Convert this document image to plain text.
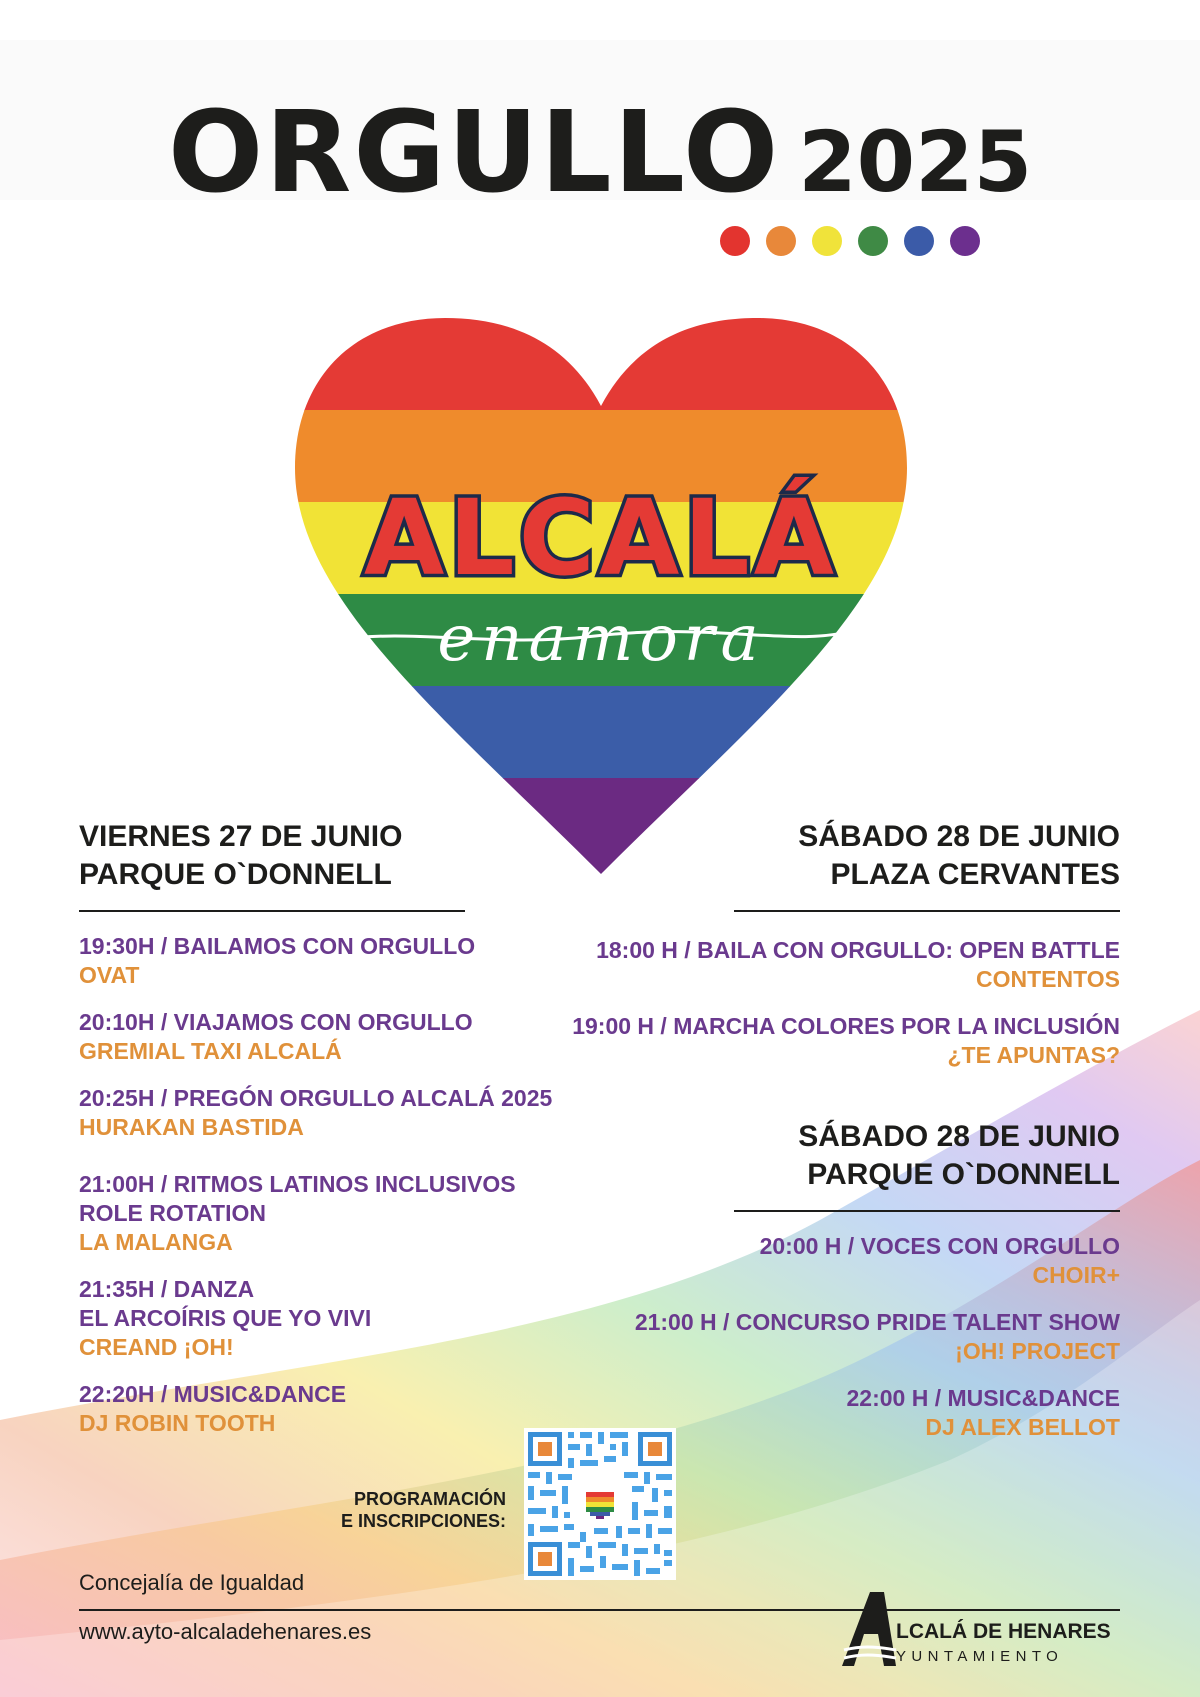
ORGULLO 2025
ALCALÁ
enamora
VIERNES 27 DE JUNIO
PARQUE O`DONNELL
19:30H / BAILAMOS CON ORGULLO
OVAT
20:10H / VIAJAMOS CON ORGULLO
GREMIAL TAXI ALCALÁ
20:25H / PREGÓN ORGULLO ALCALÁ 2025
HURAKAN BASTIDA
21:00H / RITMOS LATINOS INCLUSIVOS
ROLE ROTATION
LA MALANGA
21:35H / DANZA
EL ARCOÍRIS QUE YO VIVI
CREAND ¡OH!
22:20H / MUSIC&DANCE
DJ ROBIN TOOTH
SÁBADO 28 DE JUNIO
PLAZA CERVANTES
18:00 H / BAILA CON ORGULLO: OPEN BATTLE
CONTENTOS
19:00 H / MARCHA COLORES POR LA INCLUSIÓN
¿TE APUNTAS?
SÁBADO 28 DE JUNIO
PARQUE O`DONNELL
20:00 H / VOCES CON ORGULLO
CHOIR+
21:00 H / CONCURSO PRIDE TALENT SHOW
¡OH! PROJECT
22:00 H / MUSIC&DANCE
DJ ALEX BELLOT
PROGRAMACIÓN
E INSCRIPCIONES:
Concejalía de Igualdad
www.ayto-alcaladehenares.es	LCALÁ DE HENARES
YUNTAMIENTO
